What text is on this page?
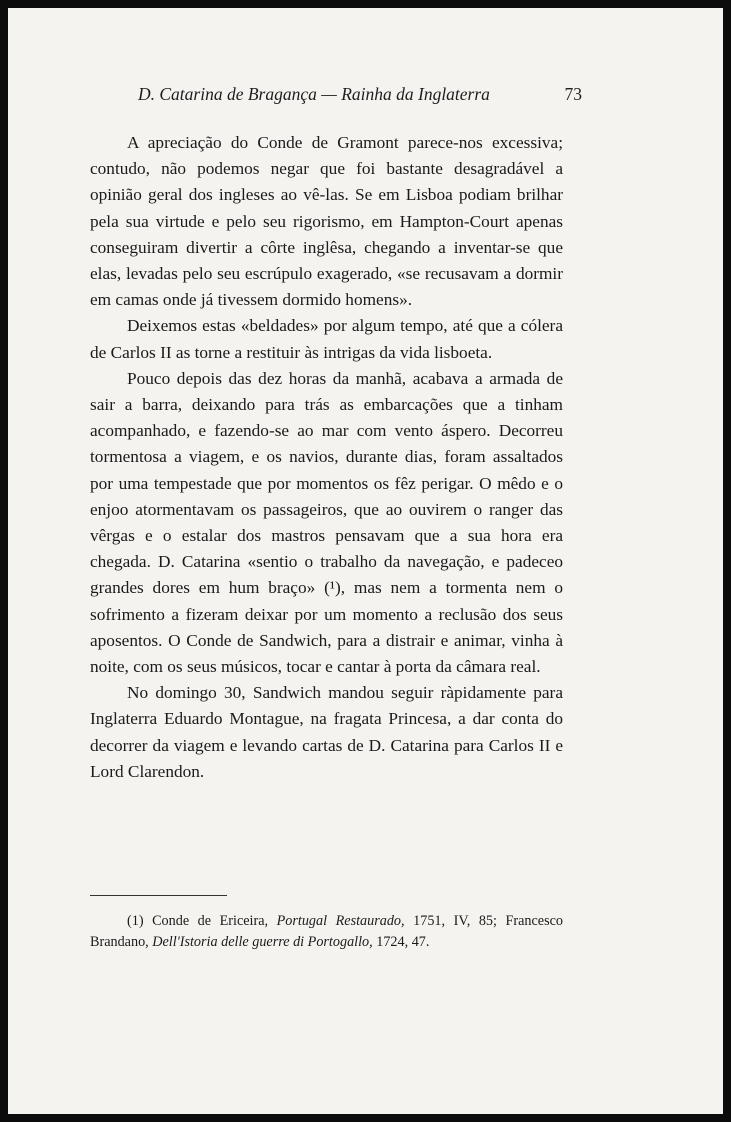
D. Catarina de Bragança — Rainha da Inglaterra	73

A apreciação do Conde de Gramont parece-nos excessiva; contudo, não podemos negar que foi bastante desagradável a opinião geral dos ingleses ao vê-las. Se em Lisboa podiam brilhar pela sua virtude e pelo seu rigorismo, em Hampton-Court apenas conseguiram divertir a côrte inglêsa, chegando a inventar-se que elas, levadas pelo seu escrúpulo exagerado, «se recusavam a dormir em camas onde já tivessem dormido homens».

Deixemos estas «beldades» por algum tempo, até que a cólera de Carlos II as torne a restituir às intrigas da vida lisboeta.

Pouco depois das dez horas da manhã, acabava a armada de sair a barra, deixando para trás as embarcações que a tinham acompanhado, e fazendo-se ao mar com vento áspero. Decorreu tormentosa a viagem, e os navios, durante dias, foram assaltados por uma tempestade que por momentos os fêz perigar. O mêdo e o enjoo atormentavam os passageiros, que ao ouvirem o ranger das vêrgas e o estalar dos mastros pensavam que a sua hora era chegada. D. Catarina «sentio o trabalho da navegação, e padeceo grandes dores em hum braço» (¹), mas nem a tormenta nem o sofrimento a fizeram deixar por um momento a reclusão dos seus aposentos. O Conde de Sandwich, para a distrair e animar, vinha à noite, com os seus músicos, tocar e cantar à porta da câmara real.

No domingo 30, Sandwich mandou seguir ràpidamente para Inglaterra Eduardo Montague, na fragata Princesa, a dar conta do decorrer da viagem e levando cartas de D. Catarina para Carlos II e Lord Clarendon.

(1) Conde de Ericeira, Portugal Restaurado, 1751, IV, 85; Francesco Brandano, Dell'Istoria delle guerre di Portogallo, 1724, 47.
